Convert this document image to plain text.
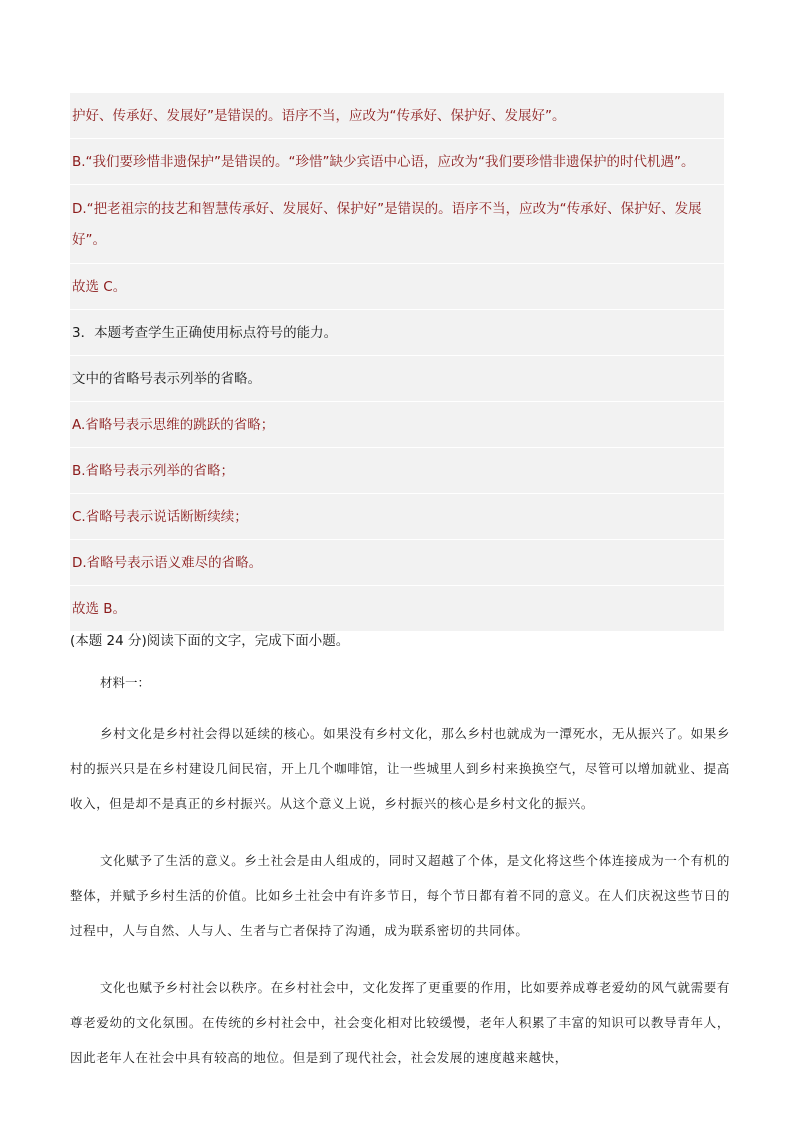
护好、传承好、发展好”是错误的。语序不当，应改为“传承好、保护好、发展好”。
B.“我们要珍惜非遗保护”是错误的。“珍惜”缺少宾语中心语，应改为“我们要珍惜非遗保护的时代机遇”。
D.“把老祖宗的技艺和智慧传承好、发展好、保护好”是错误的。语序不当，应改为“传承好、保护好、发展好”。
故选 C。
3．本题考查学生正确使用标点符号的能力。
文中的省略号表示列举的省略。
A.省略号表示思维的跳跃的省略；
B.省略号表示列举的省略；
C.省略号表示说话断断续续；
D.省略号表示语义难尽的省略。
故选 B。
(本题 24 分)阅读下面的文字，完成下面小题。
材料一：
乡村文化是乡村社会得以延续的核心。如果没有乡村文化，那么乡村也就成为一潭死水，无从振兴了。如果乡村的振兴只是在乡村建设几间民宿，开上几个咖啡馆，让一些城里人到乡村来换换空气，尽管可以增加就业、提高收入，但是却不是真正的乡村振兴。从这个意义上说，乡村振兴的核心是乡村文化的振兴。
文化赋予了生活的意义。乡土社会是由人组成的，同时又超越了个体，是文化将这些个体连接成为一个有机的整体，并赋予乡村生活的价值。比如乡土社会中有许多节日，每个节日都有着不同的意义。在人们庆祝这些节日的过程中，人与自然、人与人、生者与亡者保持了沟通，成为联系密切的共同体。
文化也赋予乡村社会以秩序。在乡村社会中，文化发挥了更重要的作用，比如要养成尊老爱幼的风气就需要有尊老爱幼的文化氛围。在传统的乡村社会中，社会变化相对比较缓慢，老年人积累了丰富的知识可以教导青年人，因此老年人在社会中具有较高的地位。但是到了现代社会，社会发展的速度越来越快，
